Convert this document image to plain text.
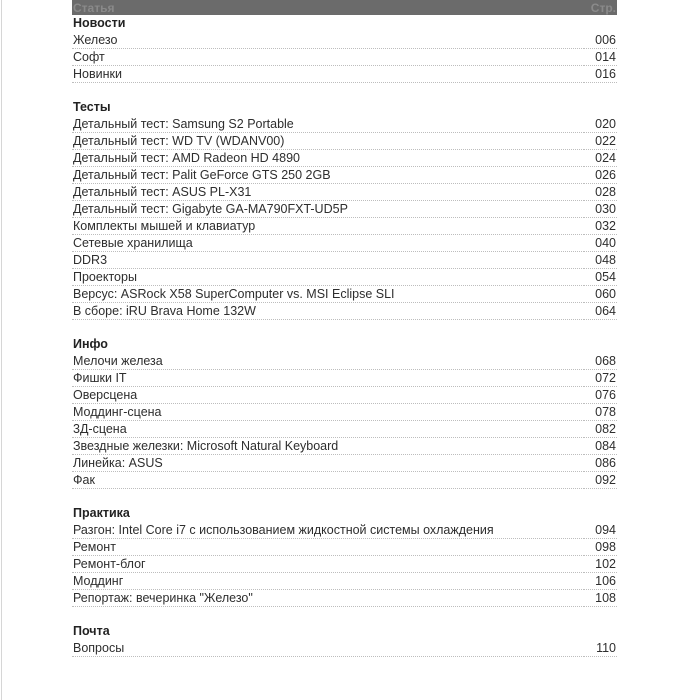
Статья	Стр.
Новости
Железо	006
Софт	014
Новинки	016
Тесты
Детальный тест: Samsung S2 Portable	020
Детальный тест: WD TV (WDANV00)	022
Детальный тест: AMD Radeon HD 4890	024
Детальный тест: Palit GeForce GTS 250 2GB	026
Детальный тест: ASUS PL-X31	028
Детальный тест: Gigabyte GA-MA790FXT-UD5P	030
Комплекты мышей и клавиатур	032
Сетевые хранилища	040
DDR3	048
Проекторы	054
Версус: ASRock X58 SuperComputer vs. MSI Eclipse SLI	060
В сборе: iRU Brava Home 132W	064
Инфо
Мелочи железа	068
Фишки IT	072
Оверсцена	076
Моддинг-сцена	078
3Д-сцена	082
Звездные железки: Microsoft Natural Keyboard	084
Линейка: ASUS	086
Фак	092
Практика
Разгон: Intel Core i7 с использованием жидкостной системы охлаждения	094
Ремонт	098
Ремонт-блог	102
Моддинг	106
Репортаж: вечеринка "Железо"	108
Почта
Вопросы	110
